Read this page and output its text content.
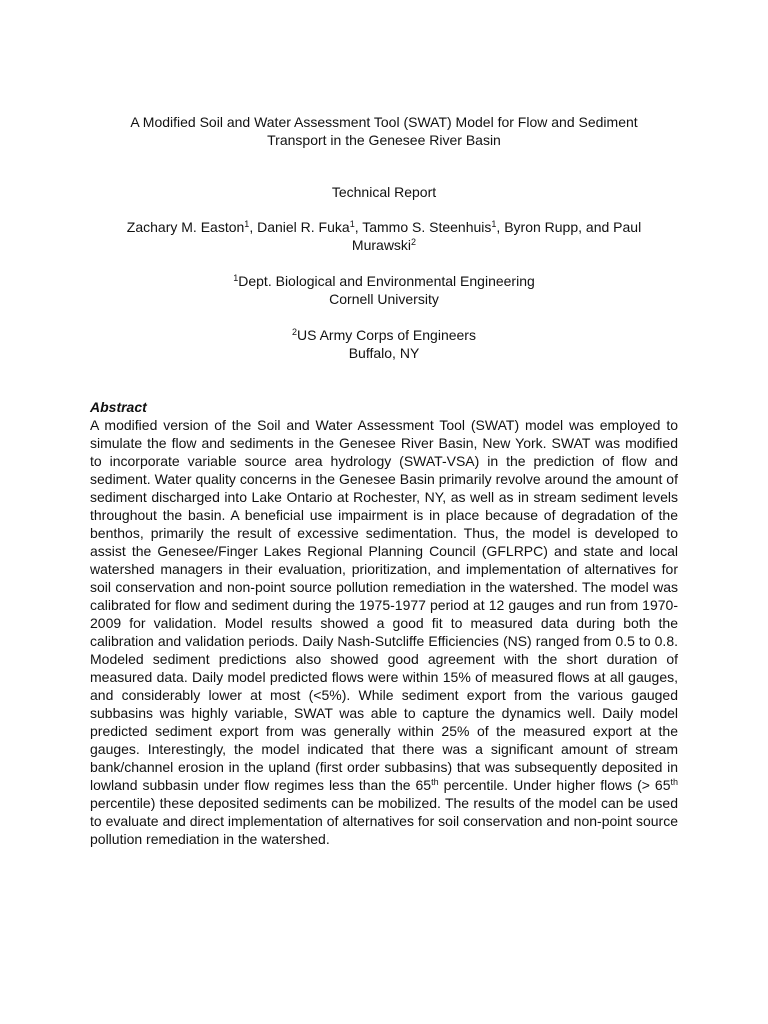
A Modified Soil and Water Assessment Tool (SWAT) Model for Flow and Sediment
Transport in the Genesee River Basin
Technical Report
Zachary M. Easton$^1$, Daniel R. Fuka$^1$, Tammo S. Steenhuis$^1$, Byron Rupp, and Paul
Murawski$^2$
$^1$Dept. Biological and Environmental Engineering
Cornell University
$^2$US Army Corps of Engineers
Buffalo, NY
Abstract
A modified version of the Soil and Water Assessment Tool (SWAT) model was employed to simulate the flow and sediments in the Genesee River Basin, New York. SWAT was modified to incorporate variable source area hydrology (SWAT-VSA) in the prediction of flow and sediment. Water quality concerns in the Genesee Basin primarily revolve around the amount of sediment discharged into Lake Ontario at Rochester, NY, as well as in stream sediment levels throughout the basin. A beneficial use impairment is in place because of degradation of the benthos, primarily the result of excessive sedimentation. Thus, the model is developed to assist the Genesee/Finger Lakes Regional Planning Council (GFLRPC) and state and local watershed managers in their evaluation, prioritization, and implementation of alternatives for soil conservation and non-point source pollution remediation in the watershed. The model was calibrated for flow and sediment during the 1975-1977 period at 12 gauges and run from 1970-2009 for validation. Model results showed a good fit to measured data during both the calibration and validation periods. Daily Nash-Sutcliffe Efficiencies (NS) ranged from 0.5 to 0.8. Modeled sediment predictions also showed good agreement with the short duration of measured data. Daily model predicted flows were within 15% of measured flows at all gauges, and considerably lower at most (<5%). While sediment export from the various gauged subbasins was highly variable, SWAT was able to capture the dynamics well. Daily model predicted sediment export from was generally within 25% of the measured export at the gauges. Interestingly, the model indicated that there was a significant amount of stream bank/channel erosion in the upland (first order subbasins) that was subsequently deposited in lowland subbasin under flow regimes less than the 65th percentile. Under higher flows (> 65th percentile) these deposited sediments can be mobilized. The results of the model can be used to evaluate and direct implementation of alternatives for soil conservation and non-point source pollution remediation in the watershed.
